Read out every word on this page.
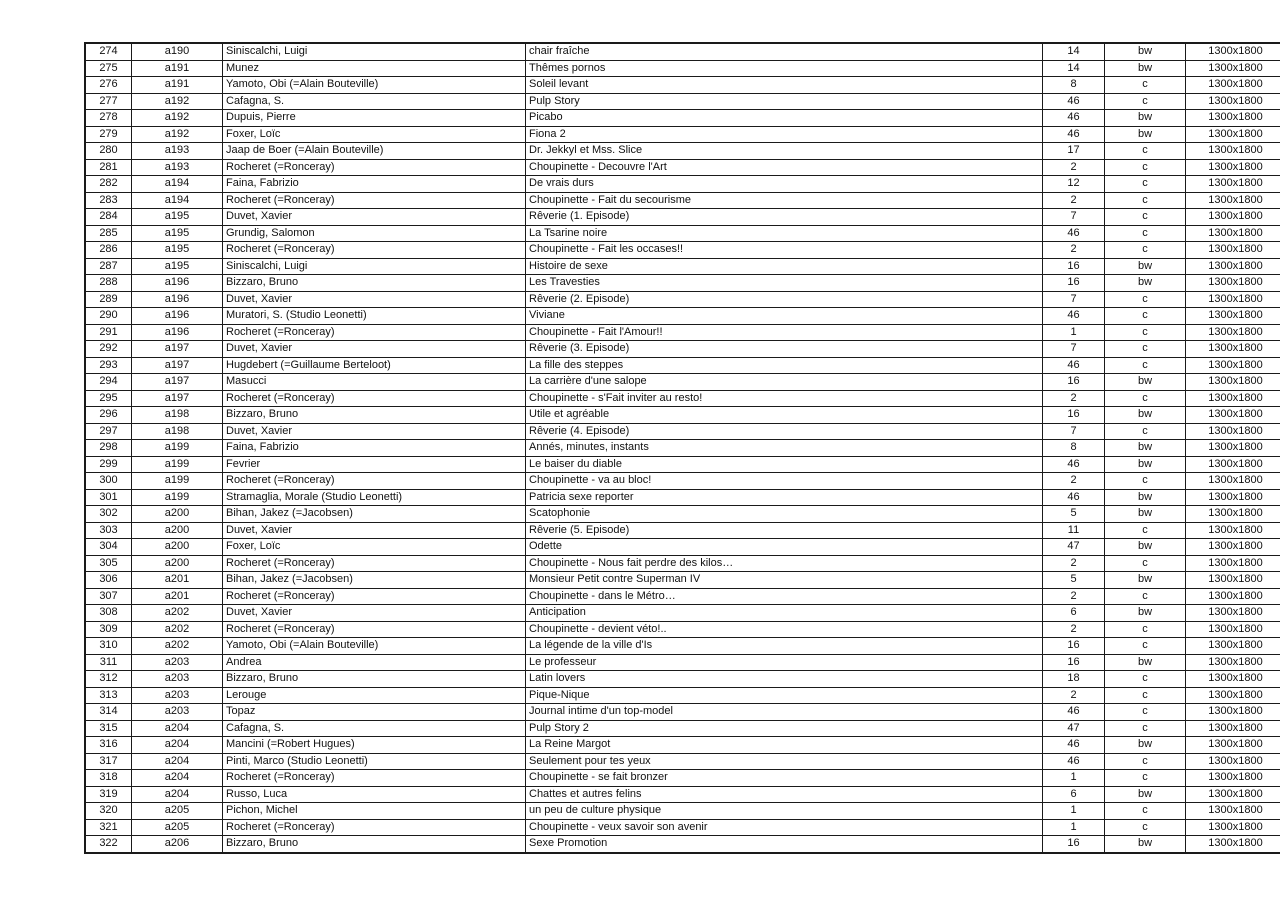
274	a190	Siniscalchi, Luigi	chair fraîche	14	bw	1300x1800
275	a191	Munez	Thêmes pornos	14	bw	1300x1800
276	a191	Yamoto, Obi (=Alain Bouteville)	Soleil levant	8	c	1300x1800
277	a192	Cafagna, S.	Pulp Story	46	c	1300x1800
278	a192	Dupuis, Pierre	Picabo	46	bw	1300x1800
279	a192	Foxer, Loïc	Fiona 2	46	bw	1300x1800
280	a193	Jaap de Boer (=Alain Bouteville)	Dr. Jekkyl et Mss. Slice	17	c	1300x1800
281	a193	Rocheret (=Ronceray)	Choupinette - Decouvre l'Art	2	c	1300x1800
282	a194	Faina, Fabrizio	De vrais durs	12	c	1300x1800
283	a194	Rocheret (=Ronceray)	Choupinette - Fait du secourisme	2	c	1300x1800
284	a195	Duvet, Xavier	Rêverie (1. Episode)	7	c	1300x1800
285	a195	Grundig, Salomon	La Tsarine noire	46	c	1300x1800
286	a195	Rocheret (=Ronceray)	Choupinette - Fait les occases!!	2	c	1300x1800
287	a195	Siniscalchi, Luigi	Histoire de sexe	16	bw	1300x1800
288	a196	Bizzaro, Bruno	Les Travesties	16	bw	1300x1800
289	a196	Duvet, Xavier	Rêverie (2. Episode)	7	c	1300x1800
290	a196	Muratori, S. (Studio Leonetti)	Viviane	46	c	1300x1800
291	a196	Rocheret (=Ronceray)	Choupinette - Fait l'Amour!!	1	c	1300x1800
292	a197	Duvet, Xavier	Rêverie (3. Episode)	7	c	1300x1800
293	a197	Hugdebert (=Guillaume Berteloot)	La fille des steppes	46	c	1300x1800
294	a197	Masucci	La carrière d'une salope	16	bw	1300x1800
295	a197	Rocheret (=Ronceray)	Choupinette - s'Fait inviter au resto!	2	c	1300x1800
296	a198	Bizzaro, Bruno	Utile et agréable	16	bw	1300x1800
297	a198	Duvet, Xavier	Rêverie (4. Episode)	7	c	1300x1800
298	a199	Faina, Fabrizio	Annés, minutes, instants	8	bw	1300x1800
299	a199	Fevrier	Le baiser du diable	46	bw	1300x1800
300	a199	Rocheret (=Ronceray)	Choupinette - va au bloc!	2	c	1300x1800
301	a199	Stramaglia, Morale (Studio Leonetti)	Patricia sexe reporter	46	bw	1300x1800
302	a200	Bihan, Jakez (=Jacobsen)	Scatophonie	5	bw	1300x1800
303	a200	Duvet, Xavier	Rêverie (5. Episode)	11	c	1300x1800
304	a200	Foxer, Loïc	Odette	47	bw	1300x1800
305	a200	Rocheret (=Ronceray)	Choupinette - Nous fait perdre des kilos…	2	c	1300x1800
306	a201	Bihan, Jakez (=Jacobsen)	Monsieur Petit contre Superman IV	5	bw	1300x1800
307	a201	Rocheret (=Ronceray)	Choupinette - dans le Métro…	2	c	1300x1800
308	a202	Duvet, Xavier	Anticipation	6	bw	1300x1800
309	a202	Rocheret (=Ronceray)	Choupinette - devient véto!..	2	c	1300x1800
310	a202	Yamoto, Obi (=Alain Bouteville)	La légende de la ville d'Is	16	c	1300x1800
311	a203	Andrea	Le professeur	16	bw	1300x1800
312	a203	Bizzaro, Bruno	Latin lovers	18	c	1300x1800
313	a203	Lerouge	Pique-Nique	2	c	1300x1800
314	a203	Topaz	Journal intime d'un top-model	46	c	1300x1800
315	a204	Cafagna, S.	Pulp Story 2	47	c	1300x1800
316	a204	Mancini (=Robert Hugues)	La Reine Margot	46	bw	1300x1800
317	a204	Pinti, Marco (Studio Leonetti)	Seulement pour tes yeux	46	c	1300x1800
318	a204	Rocheret (=Ronceray)	Choupinette - se fait bronzer	1	c	1300x1800
319	a204	Russo, Luca	Chattes et autres felins	6	bw	1300x1800
320	a205	Pichon, Michel	un peu de culture physique	1	c	1300x1800
321	a205	Rocheret (=Ronceray)	Choupinette - veux savoir son avenir	1	c	1300x1800
322	a206	Bizzaro, Bruno	Sexe Promotion	16	bw	1300x1800
